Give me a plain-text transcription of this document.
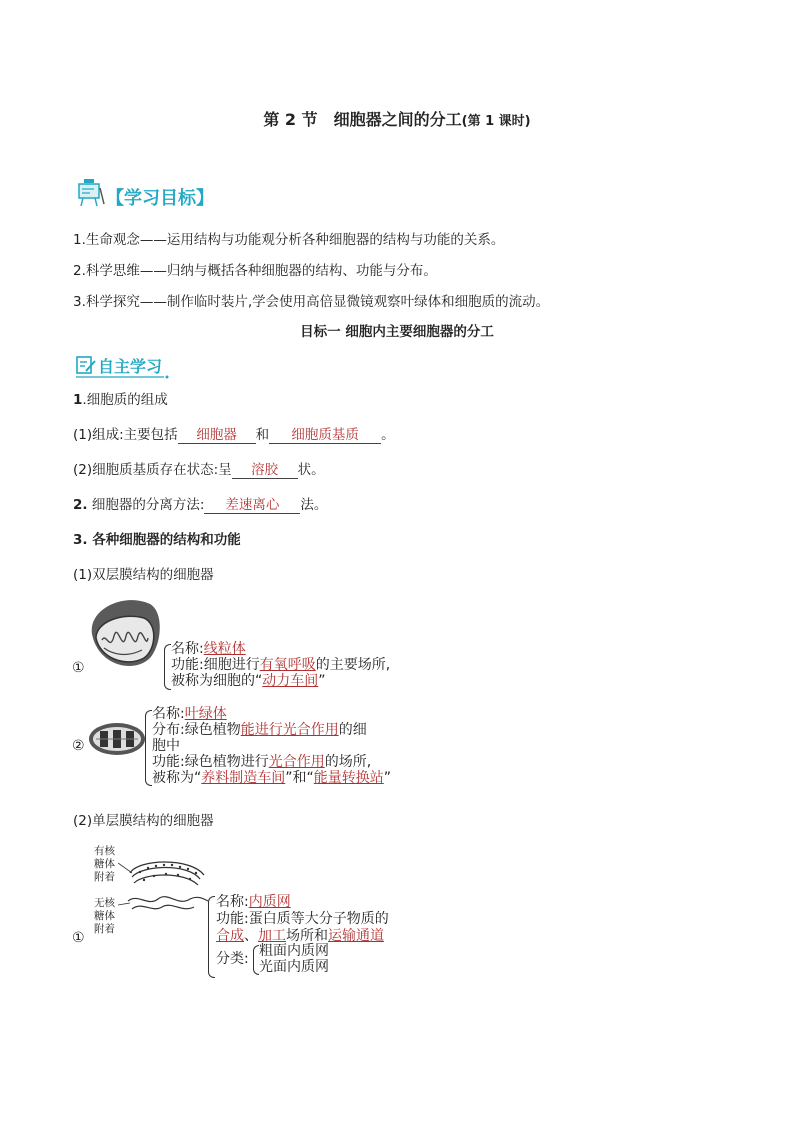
第 2 节　细胞器之间的分工(第 1 课时)
【学习目标】
1.生命观念——运用结构与功能观分析各种细胞器的结构与功能的关系。
2.科学思维——归纳与概括各种细胞器的结构、功能与分布。
3.科学探究——制作临时装片,学会使用高倍显微镜观察叶绿体和细胞质的流动。
目标一 细胞内主要细胞器的分工
自主学习
1.细胞质的组成
(1)组成:主要包括 细胞器 和 细胞质基质 。
(2)细胞质基质存在状态:呈 溶胶 状。
2. 细胞器的分离方法: 差速离心 法。
3. 各种细胞器的结构和功能
(1)双层膜结构的细胞器
①
名称:线粒体
功能:细胞进行有氧呼吸的主要场所,
被称为细胞的“动力车间”
②
名称:叶绿体
分布:绿色植物能进行光合作用的细
胞中
功能:绿色植物进行光合作用的场所,
被称为“养料制造车间”和“能量转换站”
(2)单层膜结构的细胞器
有核
糖体
附着
无核
糖体
附着
①
名称:内质网
功能:蛋白质等大分子物质的
合成、加工场所和运输通道
分类: 粗面内质网
光面内质网
